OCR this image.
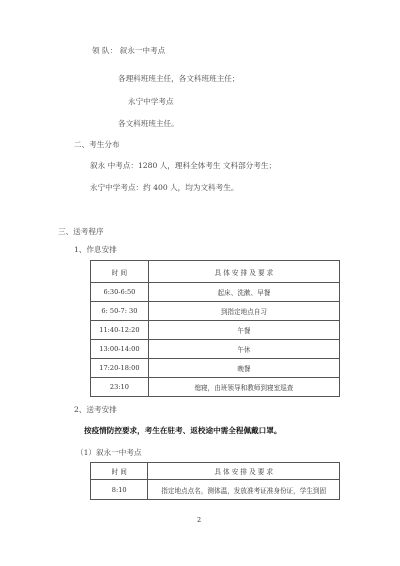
领 队： 叙永一中考点
各理科班班主任，各文科班班主任；
永宁中学考点
各文科班班主任。
二、考生分布
叙永 中考点：1280 人，理科全体考生 文科部分考生；
永宁中学考点：约 400 人，均为文科考生。
三、送考程序
1、作息安排
时 间	具 体 安 排 及 要 求
6:30-6:50	起床、洗漱、早餐
6: 50-7: 30	到指定地点自习
11:40-12:20	午餐
13:00-14:00	午休
17:20-18:00	晚餐
23:10	熄寝，由班领导和教师到寝室巡查
2、送考安排
按疫情防控要求，考生在驻考、返校途中需全程佩戴口罩。
（1）叙永一中考点
时 间	具 体 安 排 及 要 求
8:10	指定地点点名，测体温，发放准考证准身份证，学生到固
2
